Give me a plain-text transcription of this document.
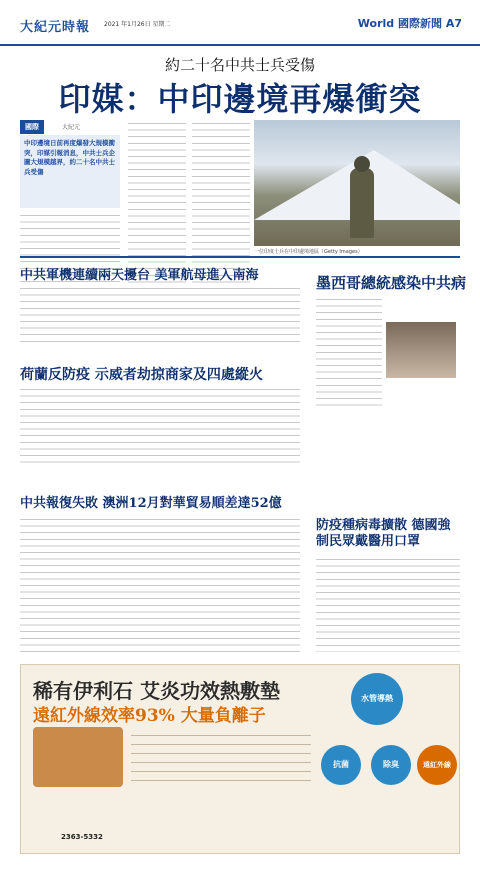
大紀元時報 2021 年1月26日 星期二	World 國際新聞 A7
約二十名中共士兵受傷
印媒：中印邊境再爆衝突
國際	大紀元
中印邊境日前再度爆發大規模衝突，印媒引報消息，中共士兵企圖大規模越界，約二十名中共士兵受傷
一位印度士兵在中印邊境地區（Getty Images）
中共軍機連續兩天擾台 美軍航母進入南海	墨西哥總統感染中共病
荷蘭反防疫 示威者劫掠商家及四處縱火
防疫種病毒擴散 德國強制民眾戴醫用口罩
中共報復失敗 澳洲12月對華貿易順差達52億
稀有伊利石 艾炎功效熱敷墊
遠紅外線效率93% 大量負離子
水管導熱
抗菌	除臭	遠紅外線
2363-5332
